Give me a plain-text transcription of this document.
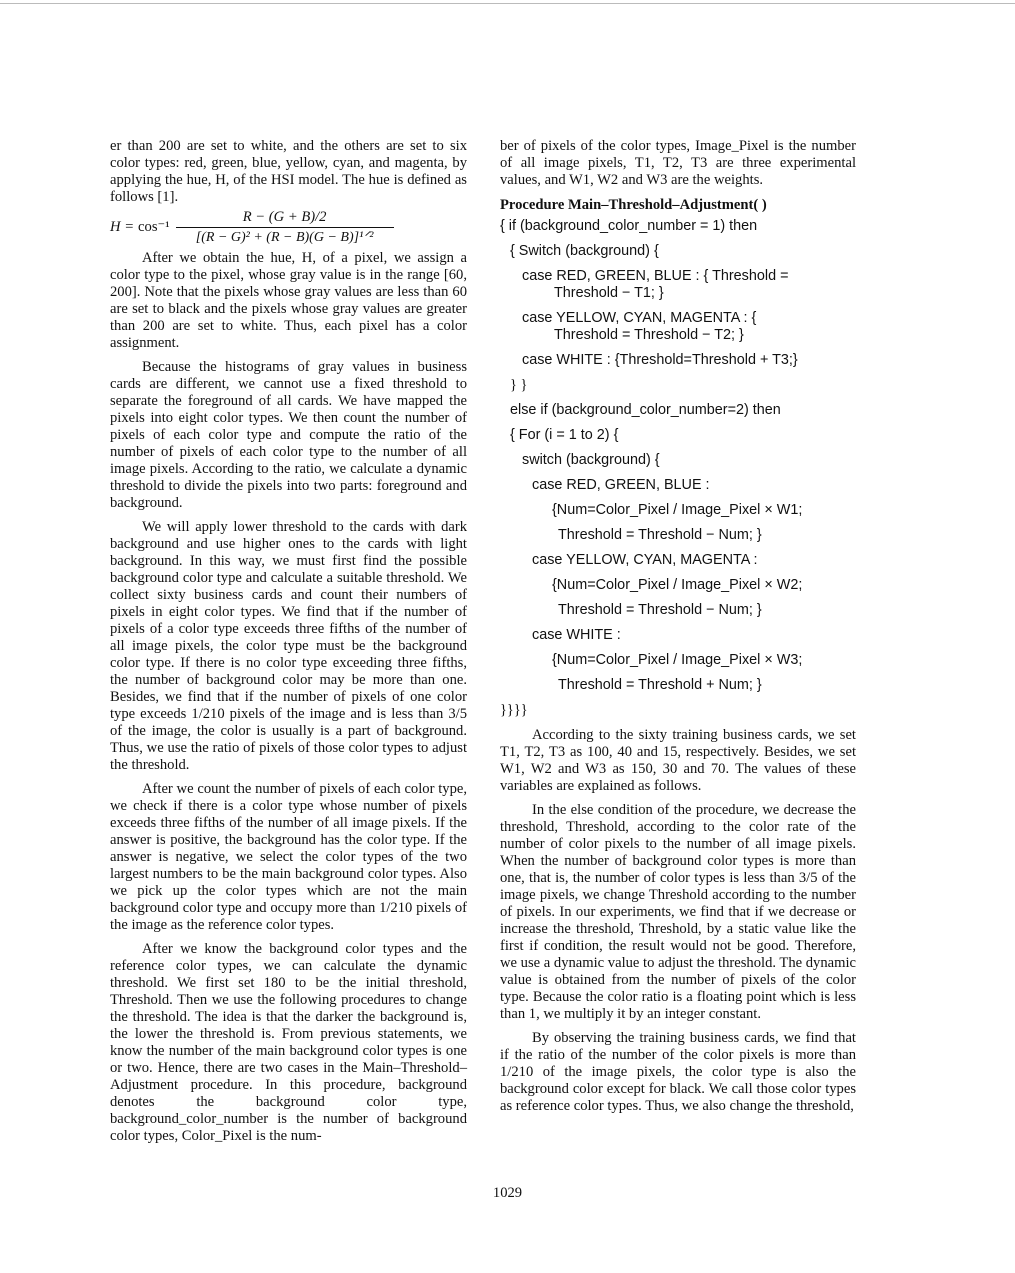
er than 200 are set to white, and the others are set to six color types: red, green, blue, yellow, cyan, and magenta, by applying the hue, H, of the HSI model. The hue is defined as follows [1].

$H = \cos^{-1} \frac{R - (G + B)/2}{\text{[(R − G)² + (R − B)(G − B)]¹ᐟ²}}$

After we obtain the hue, H, of a pixel, we assign a color type to the pixel, whose gray value is in the range [60, 200]. Note that the pixels whose gray values are less than 60 are set to black and the pixels whose gray values are greater than 200 are set to white. Thus, each pixel has a color assignment.

Because the histograms of gray values in business cards are different, we cannot use a fixed threshold to separate the foreground of all cards. We have mapped the pixels into eight color types. We then count the number of pixels of each color type and compute the ratio of the number of pixels of each color type to the number of all image pixels. According to the ratio, we calculate a dynamic threshold to divide the pixels into two parts: foreground and background.

We will apply lower threshold to the cards with dark background and use higher ones to the cards with light background. In this way, we must first find the possible background color type and calculate a suitable threshold. We collect sixty business cards and count their numbers of pixels in eight color types. We find that if the number of pixels of a color type exceeds three fifths of the number of all image pixels, the color type must be the background color type. If there is no color type exceeding three fifths, the number of background color may be more than one. Besides, we find that if the number of pixels of one color type exceeds 1/210 pixels of the image and is less than 3/5 of the image, the color is usually is a part of background. Thus, we use the ratio of pixels of those color types to adjust the threshold.

After we count the number of pixels of each color type, we check if there is a color type whose number of pixels exceeds three fifths of the number of all image pixels. If the answer is positive, the background has the color type. If the answer is negative, we select the color types of the two largest numbers to be the main background color types. Also we pick up the color types which are not the main background color type and occupy more than 1/210 pixels of the image as the reference color types.

After we know the background color types and the reference color types, we can calculate the dynamic threshold. We first set 180 to be the initial threshold, Threshold. Then we use the following procedures to change the threshold. The idea is that the darker the background is, the lower the threshold is. From previous statements, we know the number of the main background color types is one or two. Hence, there are two cases in the Main–Threshold–Adjustment procedure. In this procedure, background denotes the background color type, background_color_number is the number of background color types, Color_Pixel is the num-

ber of pixels of the color types, Image_Pixel is the number of all image pixels, T1, T2, T3 are three experimental values, and W1, W2 and W3 are the weights.

Procedure Main–Threshold–Adjustment( )

{ if (background_color_number = 1) then
{ Switch (background) {
case RED, GREEN, BLUE : { Threshold =
Threshold − T1; }
case YELLOW, CYAN, MAGENTA : {
Threshold = Threshold − T2; }
case WHITE : {Threshold=Threshold + T3;}
} }
else if (background_color_number=2) then
{ For (i = 1 to 2) {
switch (background) {
case RED, GREEN, BLUE :
{Num=Color_Pixel / Image_Pixel × W1;
Threshold = Threshold − Num; }
case YELLOW, CYAN, MAGENTA :
{Num=Color_Pixel / Image_Pixel × W2;
Threshold = Threshold − Num; }
case WHITE :
{Num=Color_Pixel / Image_Pixel × W3;
Threshold = Threshold + Num; }
}}}}

According to the sixty training business cards, we set T1, T2, T3 as 100, 40 and 15, respectively. Besides, we set W1, W2 and W3 as 150, 30 and 70. The values of these variables are explained as follows.

In the else condition of the procedure, we decrease the threshold, Threshold, according to the color rate of the number of color pixels to the number of all image pixels. When the number of background color types is more than one, that is, the number of color types is less than 3/5 of the image pixels, we change Threshold according to the number of pixels. In our experiments, we find that if we decrease or increase the threshold, Threshold, by a static value like the first if condition, the result would not be good. Therefore, we use a dynamic value to adjust the threshold. The dynamic value is obtained from the number of pixels of the color type. Because the color ratio is a floating point which is less than 1, we multiply it by an integer constant.

By observing the training business cards, we find that if the ratio of the number of the color pixels is more than 1/210 of the image pixels, the color type is also the background color except for black. We call those color types as reference color types. Thus, we also change the threshold,

1029
